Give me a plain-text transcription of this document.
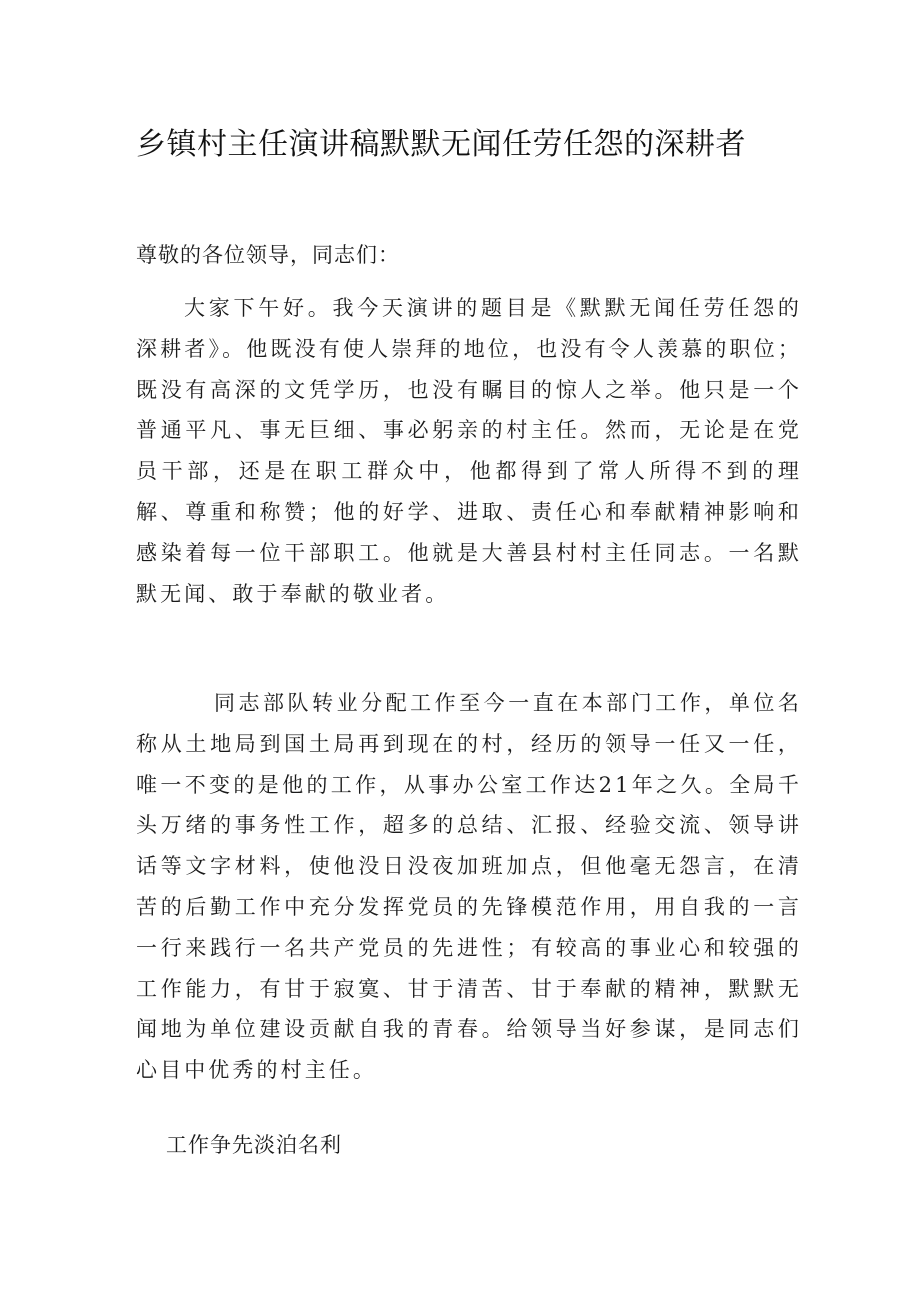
乡镇村主任演讲稿默默无闻任劳任怨的深耕者

尊敬的各位领导，同志们：

大家下午好。我今天演讲的题目是《默默无闻任劳任怨的深耕者》。他既没有使人崇拜的地位，也没有令人羡慕的职位；既没有高深的文凭学历，也没有瞩目的惊人之举。他只是一个普通平凡、事无巨细、事必躬亲的村主任。然而，无论是在党员干部，还是在职工群众中，他都得到了常人所得不到的理解、尊重和称赞；他的好学、进取、责任心和奉献精神影响和感染着每一位干部职工。他就是大善县村村主任同志。一名默默无闻、敢于奉献的敬业者。

同志部队转业分配工作至今一直在本部门工作，单位名称从土地局到国土局再到现在的村，经历的领导一任又一任，唯一不变的是他的工作，从事办公室工作达21年之久。全局千头万绪的事务性工作，超多的总结、汇报、经验交流、领导讲话等文字材料，使他没日没夜加班加点，但他毫无怨言，在清苦的后勤工作中充分发挥党员的先锋模范作用，用自我的一言一行来践行一名共产党员的先进性；有较高的事业心和较强的工作能力，有甘于寂寞、甘于清苦、甘于奉献的精神，默默无闻地为单位建设贡献自我的青春。给领导当好参谋，是同志们心目中优秀的村主任。

工作争先淡泊名利
